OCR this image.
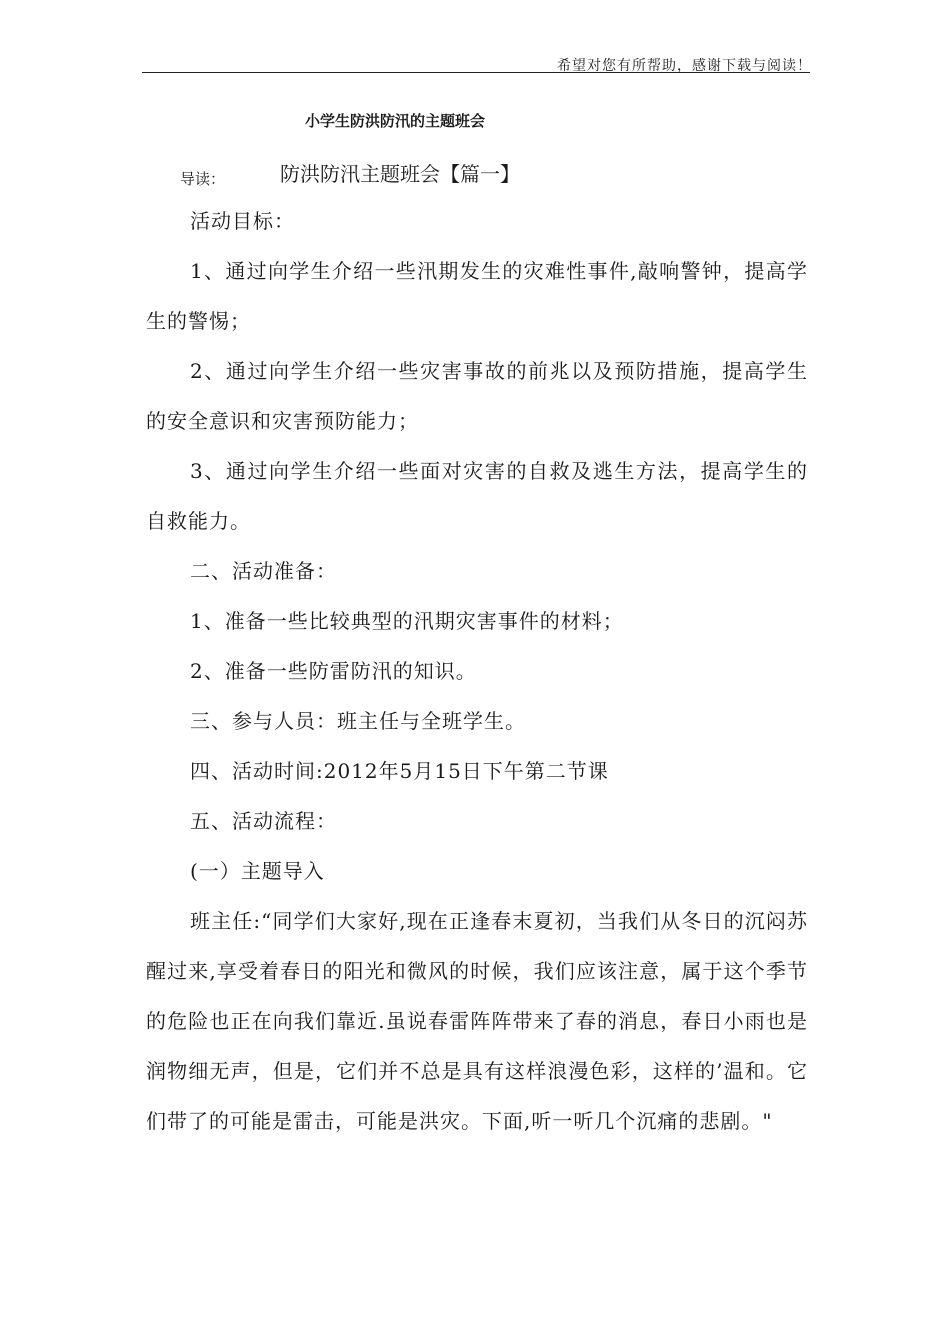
希望对您有所帮助，感谢下载与阅读！
小学生防洪防汛的主题班会
导读：	防洪防汛主题班会【篇一】

活动目标：

1、通过向学生介绍一些汛期发生的灾难性事件,敲响警钟，提高学生的警惕；

2、通过向学生介绍一些灾害事故的前兆以及预防措施，提高学生的安全意识和灾害预防能力；

3、通过向学生介绍一些面对灾害的自救及逃生方法，提高学生的自救能力。

二、活动准备：

1、准备一些比较典型的汛期灾害事件的材料；

2、准备一些防雷防汛的知识。

三、参与人员：班主任与全班学生。

四、活动时间:2012年5月15日下午第二节课

五、活动流程：

(一）主题导入

班主任:“同学们大家好,现在正逢春末夏初，当我们从冬日的沉闷苏醒过来,享受着春日的阳光和微风的时候，我们应该注意，属于这个季节的危险也正在向我们靠近.虽说春雷阵阵带来了春的消息，春日小雨也是润物细无声，但是，它们并不总是具有这样浪漫色彩，这样的’温和。它们带了的可能是雷击，可能是洪灾。下面,听一听几个沉痛的悲剧。"
